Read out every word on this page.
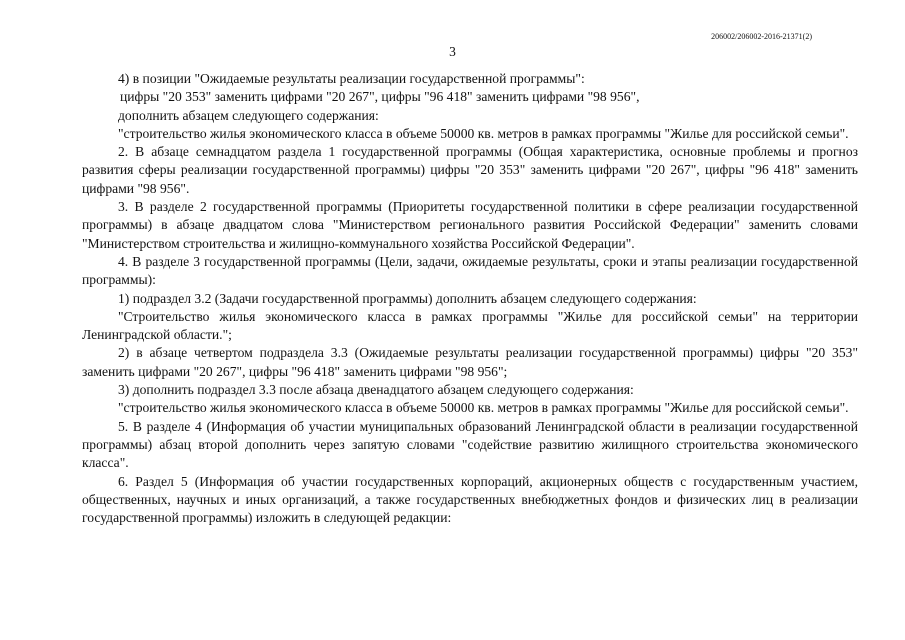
206002/206002-2016-21371(2)
3

4) в позиции "Ожидаемые результаты реализации государственной программы":

цифры "20 353" заменить цифрами "20 267", цифры "96 418" заменить цифрами "98 956",

дополнить абзацем следующего содержания:

"строительство жилья экономического класса в объеме 50000 кв. метров в рамках программы "Жилье для российской семьи".

2. В абзаце семнадцатом раздела 1 государственной программы (Общая характеристика, основные проблемы и прогноз развития сферы реализации государственной программы) цифры "20 353" заменить цифрами "20 267", цифры "96 418" заменить цифрами "98 956".

3. В разделе 2 государственной программы (Приоритеты государственной политики в сфере реализации государственной программы) в абзаце двадцатом слова "Министерством регионального развития Российской Федерации" заменить словами "Министерством строительства и жилищно-коммунального хозяйства Российской Федерации".

4. В разделе 3 государственной программы (Цели, задачи, ожидаемые результаты, сроки и этапы реализации государственной программы):

1) подраздел 3.2 (Задачи государственной программы) дополнить абзацем следующего содержания:

"Строительство жилья экономического класса в рамках программы "Жилье для российской семьи" на территории Ленинградской области.";

2) в абзаце четвертом подраздела 3.3 (Ожидаемые результаты реализации государственной программы) цифры "20 353" заменить цифрами "20 267", цифры "96 418" заменить цифрами "98 956";

3) дополнить подраздел 3.3 после абзаца двенадцатого абзацем следующего содержания:

"строительство жилья экономического класса в объеме 50000 кв. метров в рамках программы "Жилье для российской семьи".

5. В разделе 4 (Информация об участии муниципальных образований Ленинградской области в реализации государственной программы) абзац второй дополнить через запятую словами "содействие развитию жилищного строительства экономического класса".

6. Раздел 5 (Информация об участии государственных корпораций, акционерных обществ с государственным участием, общественных, научных и иных организаций, а также государственных внебюджетных фондов и физических лиц в реализации государственной программы) изложить в следующей редакции:
